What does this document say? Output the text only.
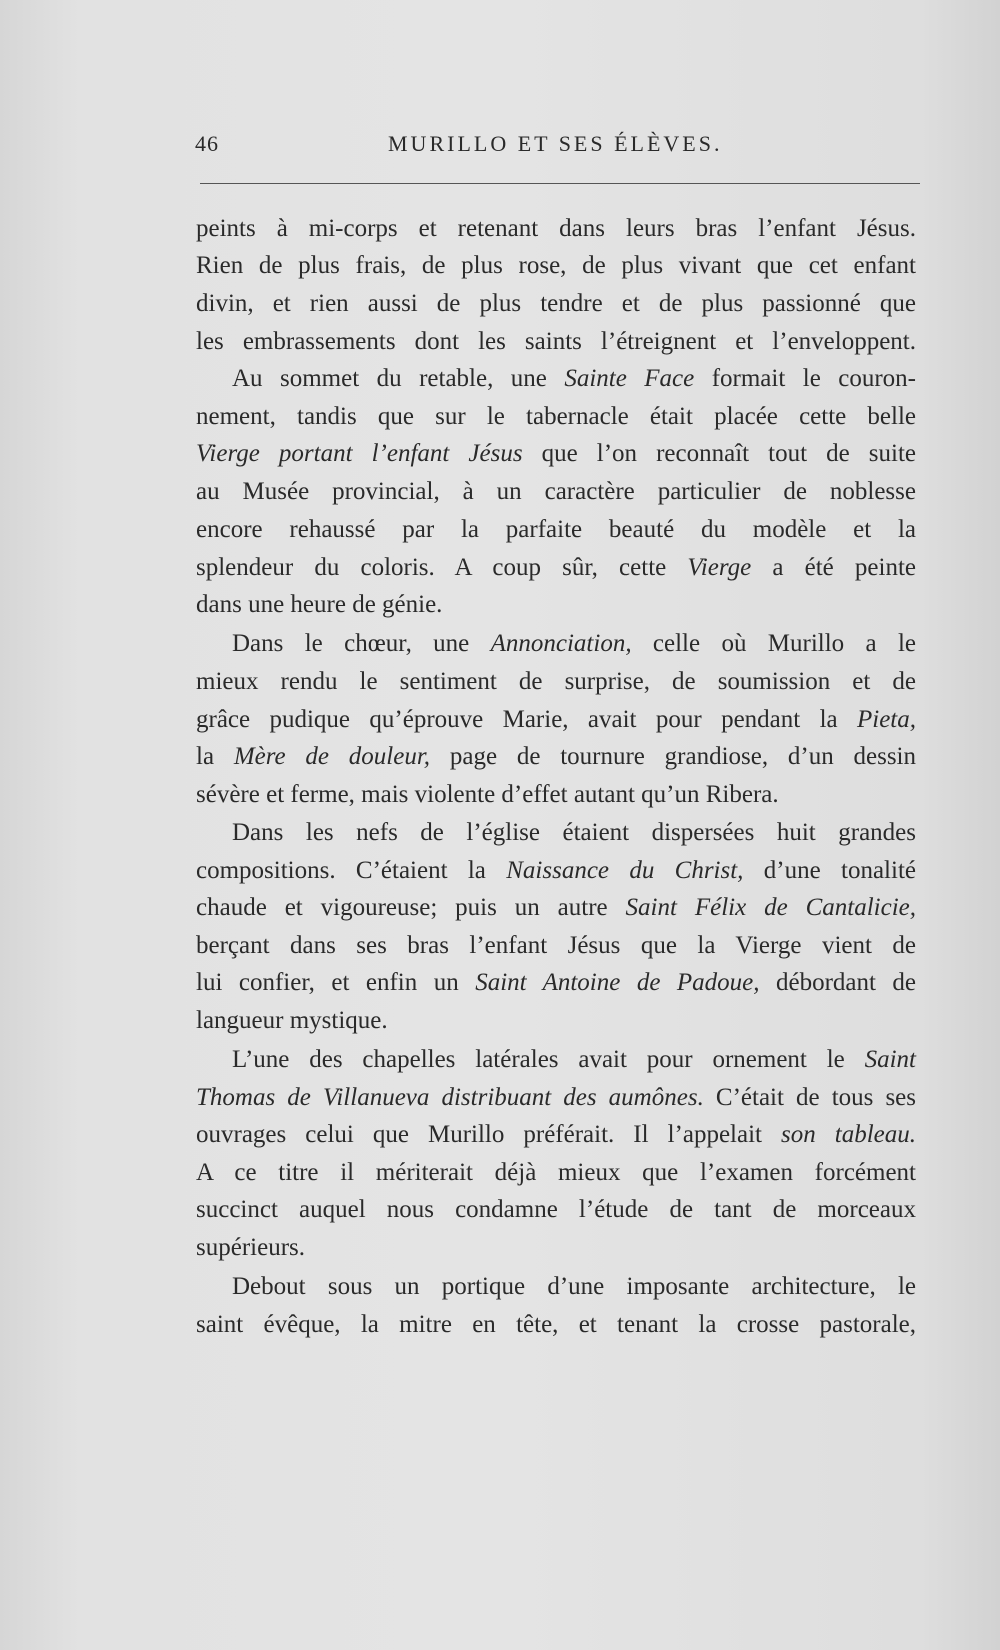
46	MURILLO ET SES ÉLÈVES.
peints à mi-corps et retenant dans leurs bras l’enfant Jésus.
Rien de plus frais, de plus rose, de plus vivant que cet enfant
divin, et rien aussi de plus tendre et de plus passionné que
les embrassements dont les saints l’étreignent et l’enveloppent.
Au sommet du retable, une Sainte Face formait le couron-
nement, tandis que sur le tabernacle était placée cette belle
Vierge portant l’enfant Jésus que l’on reconnaît tout de suite
au Musée provincial, à un caractère particulier de noblesse
encore rehaussé par la parfaite beauté du modèle et la
splendeur du coloris. A coup sûr, cette Vierge a été peinte
dans une heure de génie.
Dans le chœur, une Annonciation, celle où Murillo a le
mieux rendu le sentiment de surprise, de soumission et de
grâce pudique qu’éprouve Marie, avait pour pendant la Pieta,
la Mère de douleur, page de tournure grandiose, d’un dessin
sévère et ferme, mais violente d’effet autant qu’un Ribera.
Dans les nefs de l’église étaient dispersées huit grandes
compositions. C’étaient la Naissance du Christ, d’une tonalité
chaude et vigoureuse; puis un autre Saint Félix de Cantalicie,
berçant dans ses bras l’enfant Jésus que la Vierge vient de
lui confier, et enfin un Saint Antoine de Padoue, débordant de
langueur mystique.
L’une des chapelles latérales avait pour ornement le Saint
Thomas de Villanueva distribuant des aumônes. C’était de tous ses
ouvrages celui que Murillo préférait. Il l’appelait son tableau.
A ce titre il mériterait déjà mieux que l’examen forcément
succinct auquel nous condamne l’étude de tant de morceaux
supérieurs.
Debout sous un portique d’une imposante architecture, le
saint évêque, la mitre en tête, et tenant la crosse pastorale,
